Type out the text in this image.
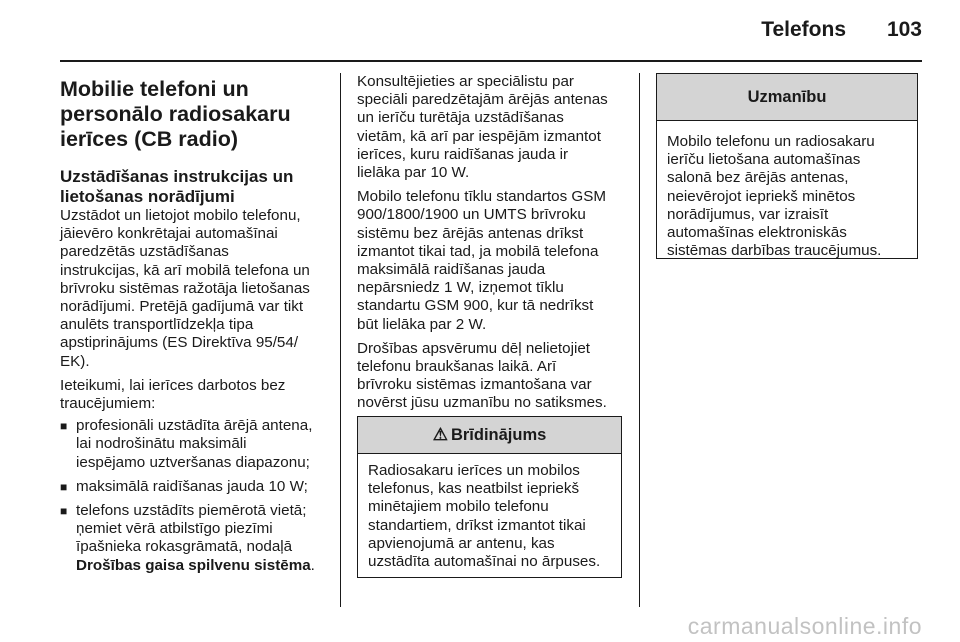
Telefons 103
Mobilie telefoni un
personālo radiosakaru
ierīces (CB radio)
Uzstādīšanas instrukcijas un
lietošanas norādījumi
Uzstādot un lietojot mobilo telefonu,
jāievēro konkrētajai automašīnai
paredzētās uzstādīšanas
instrukcijas, kā arī mobilā telefona un
brīvroku sistēmas ražotāja lietošanas
norādījumi. Pretējā gadījumā var tikt
anulēts transportlīdzekļa tipa
apstiprinājums (ES Direktīva 95/54/
EK).
Ieteikumi, lai ierīces darbotos bez
traucējumiem:
■ profesionāli uzstādīta ārējā antena,
lai nodrošinātu maksimāli
iespējamo uztveršanas diapazonu;
■ maksimālā raidīšanas jauda 10 W;
■ telefons uzstādīts piemērotā vietā;
ņemiet vērā atbilstīgo piezīmi
īpašnieka rokasgrāmatā, nodaļā
Drošības gaisa spilvenu sistēma.
Konsultējieties ar speciālistu par
speciāli paredzētajām ārējās antenas
un ierīču turētāja uzstādīšanas
vietām, kā arī par iespējām izmantot
ierīces, kuru raidīšanas jauda ir
lielāka par 10 W.
Mobilo telefonu tīklu standartos GSM
900/1800/1900 un UMTS brīvroku
sistēmu bez ārējās antenas drīkst
izmantot tikai tad, ja mobilā telefona
maksimālā raidīšanas jauda
nepārsniedz 1 W, izņemot tīklu
standartu GSM 900, kur tā nedrīkst
būt lielāka par 2 W.
Drošības apsvērumu dēļ nelietojiet
telefonu braukšanas laikā. Arī
brīvroku sistēmas izmantošana var
novērst jūsu uzmanību no satiksmes.
⚠ Brīdinājums
Radiosakaru ierīces un mobilos
telefonus, kas neatbilst iepriekš
minētajiem mobilo telefonu
standartiem, drīkst izmantot tikai
apvienojumā ar antenu, kas
uzstādīta automašīnai no ārpuses.
Uzmanību
Mobilo telefonu un radiosakaru
ierīču lietošana automašīnas
salonā bez ārējās antenas,
neievērojot iepriekš minētos
norādījumus, var izraisīt
automašīnas elektroniskās
sistēmas darbības traucējumus.
carmanualsonline.info
